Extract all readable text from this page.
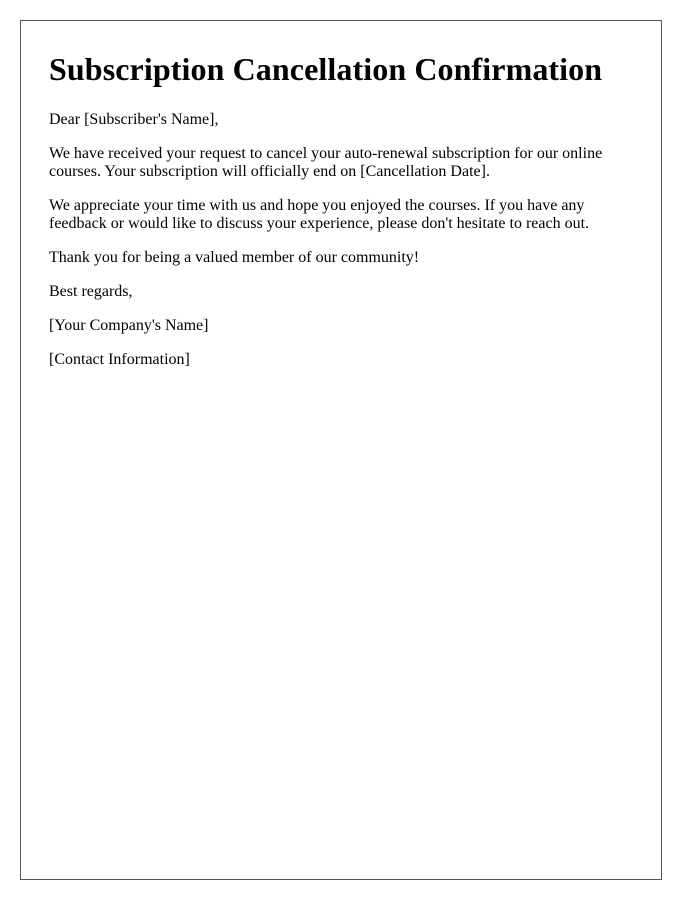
Subscription Cancellation Confirmation

Dear [Subscriber's Name],

We have received your request to cancel your auto-renewal subscription for our online courses. Your subscription will officially end on [Cancellation Date].

We appreciate your time with us and hope you enjoyed the courses. If you have any feedback or would like to discuss your experience, please don't hesitate to reach out.

Thank you for being a valued member of our community!

Best regards,

[Your Company's Name]

[Contact Information]
